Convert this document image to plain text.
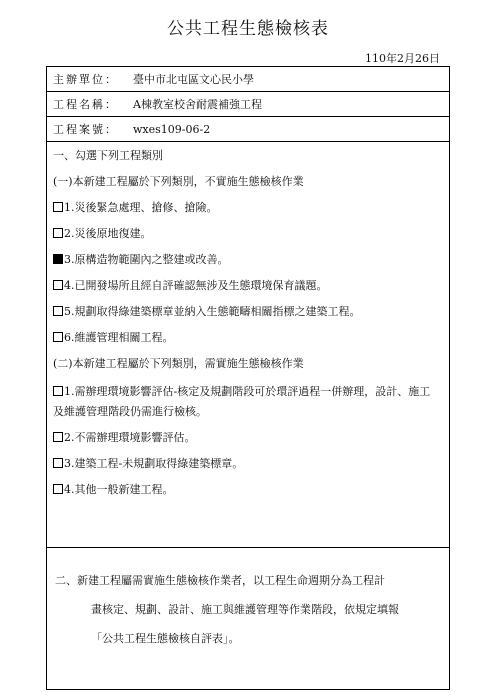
公共工程生態檢核表
110年2月26日
主辦單位： 臺中市北屯區文心民小學
工程名稱： A棟教室校舍耐震補強工程
工程案號： wxes109-06-2
一、勾選下列工程類別
(一)本新建工程屬於下列類別，不實施生態檢核作業
1.災後緊急處理、搶修、搶險。
2.災後原地復建。
3.原構造物範圍內之整建或改善。
4.已開發場所且經自評確認無涉及生態環境保育議題。
5.規劃取得綠建築標章並納入生態範疇相關指標之建築工程。
6.維護管理相關工程。
(二)本新建工程屬於下列類別，需實施生態檢核作業
1.需辦理環境影響評估-核定及規劃階段可於環評過程一併辦理，設計、施工及維護管理階段仍需進行檢核。
2.不需辦理環境影響評估。
3.建築工程-未規劃取得綠建築標章。
4.其他一般新建工程。
二、新建工程屬需實施生態檢核作業者，以工程生命週期分為工程計
畫核定、規劃、設計、施工與維護管理等作業階段，依規定填報
「公共工程生態檢核自評表」。
